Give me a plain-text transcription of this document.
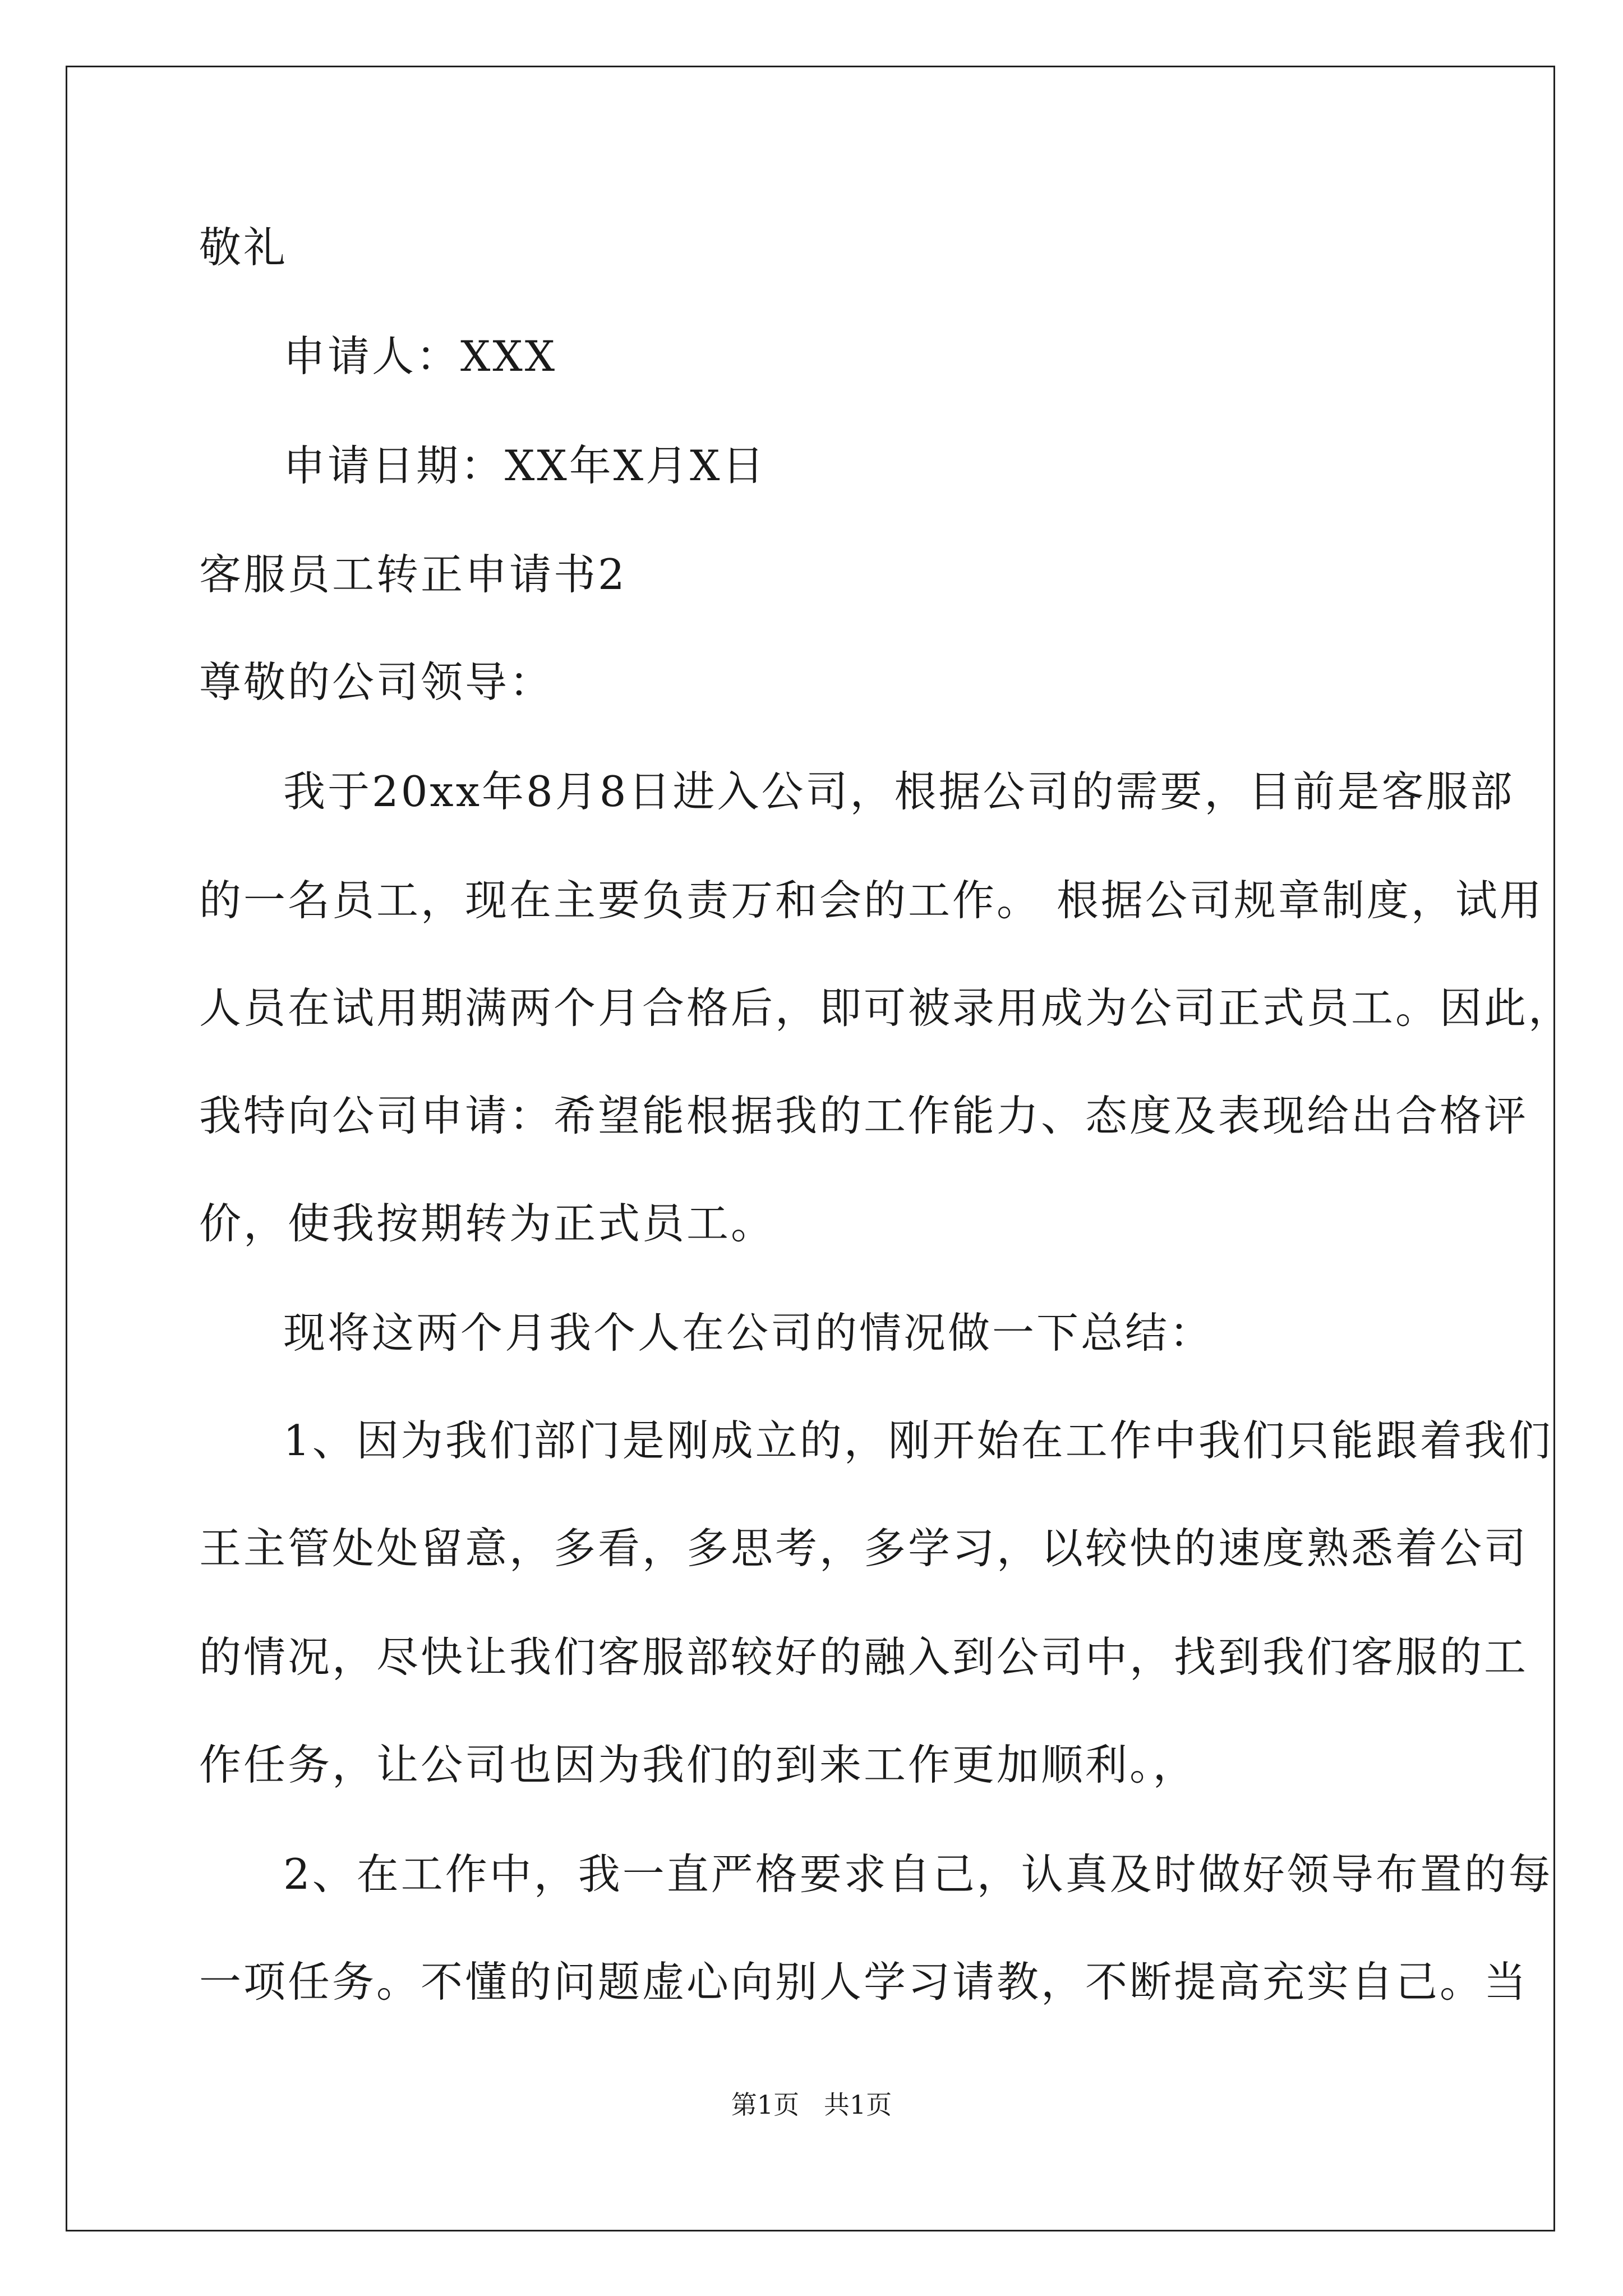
敬礼

申请人：XXX

申请日期：XX年X月X日

客服员工转正申请书2

尊敬的公司领导：

我于20xx年8月8日进入公司，根据公司的需要，目前是客服部

的一名员工，现在主要负责万和会的工作。 根据公司规章制度，试用

人员在试用期满两个月合格后，即可被录用成为公司正式员工。因此，

我特向公司申请：希望能根据我的工作能力、态度及表现给出合格评

价，使我按期转为正式员工。

现将这两个月我个人在公司的情况做一下总结：

1、因为我们部门是刚成立的，刚开始在工作中我们只能跟着我们

王主管处处留意，多看，多思考，多学习，以较快的速度熟悉着公司

的情况，尽快让我们客服部较好的融入到公司中，找到我们客服的工

作任务，让公司也因为我们的到来工作更加顺利。，

2、在工作中，我一直严格要求自己，认真及时做好领导布置的每

一项任务。不懂的问题虚心向别人学习请教，不断提高充实自己。当

第1页   共1页
